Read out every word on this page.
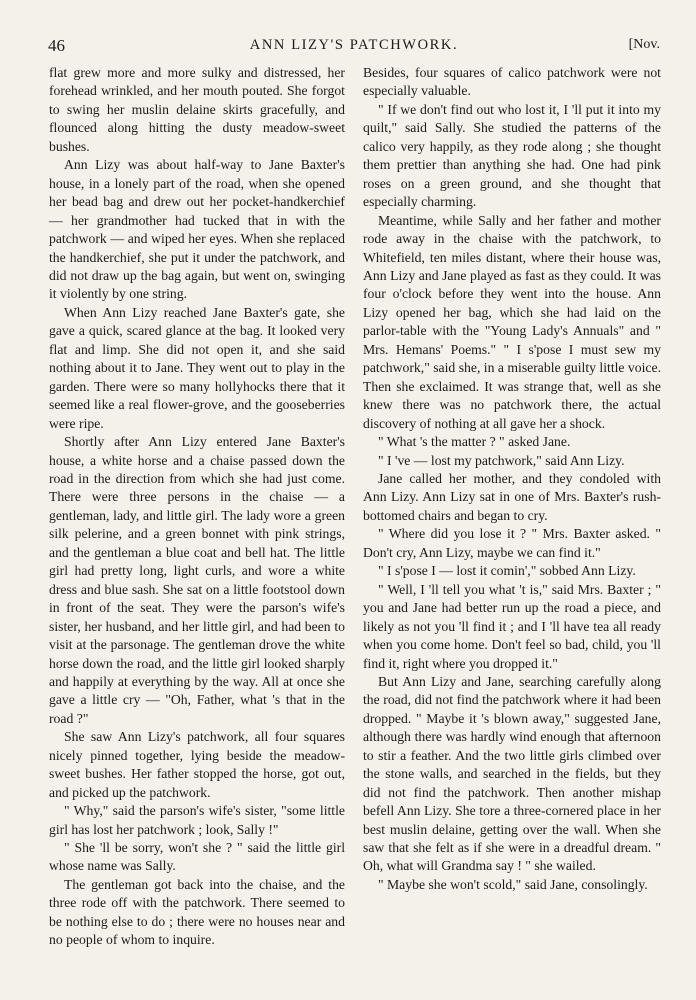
46	ANN LIZY'S PATCHWORK.	[Nov.

flat grew more and more sulky and distressed, her forehead wrinkled, and her mouth pouted. She forgot to swing her muslin delaine skirts gracefully, and flounced along hitting the dusty meadow-sweet bushes.

Ann Lizy was about half-way to Jane Baxter's house, in a lonely part of the road, when she opened her bead bag and drew out her pocket-handkerchief — her grandmother had tucked that in with the patchwork — and wiped her eyes. When she replaced the handkerchief, she put it under the patchwork, and did not draw up the bag again, but went on, swinging it violently by one string.

When Ann Lizy reached Jane Baxter's gate, she gave a quick, scared glance at the bag. It looked very flat and limp. She did not open it, and she said nothing about it to Jane. They went out to play in the garden. There were so many hollyhocks there that it seemed like a real flower-grove, and the gooseberries were ripe.

Shortly after Ann Lizy entered Jane Baxter's house, a white horse and a chaise passed down the road in the direction from which she had just come. There were three persons in the chaise — a gentleman, lady, and little girl. The lady wore a green silk pelerine, and a green bonnet with pink strings, and the gentleman a blue coat and bell hat. The little girl had pretty long, light curls, and wore a white dress and blue sash. She sat on a little footstool down in front of the seat. They were the parson's wife's sister, her husband, and her little girl, and had been to visit at the parsonage. The gentleman drove the white horse down the road, and the little girl looked sharply and happily at everything by the way. All at once she gave a little cry — "Oh, Father, what 's that in the road ?"

She saw Ann Lizy's patchwork, all four squares nicely pinned together, lying beside the meadow-sweet bushes. Her father stopped the horse, got out, and picked up the patchwork.

" Why," said the parson's wife's sister, "some little girl has lost her patchwork ; look, Sally !"

" She 'll be sorry, won't she ? " said the little girl whose name was Sally.

The gentleman got back into the chaise, and the three rode off with the patchwork. There seemed to be nothing else to do ; there were no houses near and no people of whom to inquire.

Besides, four squares of calico patchwork were not especially valuable.

" If we don't find out who lost it, I 'll put it into my quilt," said Sally. She studied the patterns of the calico very happily, as they rode along ; she thought them prettier than anything she had. One had pink roses on a green ground, and she thought that especially charming.

Meantime, while Sally and her father and mother rode away in the chaise with the patchwork, to Whitefield, ten miles distant, where their house was, Ann Lizy and Jane played as fast as they could. It was four o'clock before they went into the house. Ann Lizy opened her bag, which she had laid on the parlor-table with the "Young Lady's Annuals" and " Mrs. Hemans' Poems." " I s'pose I must sew my patchwork," said she, in a miserable guilty little voice. Then she exclaimed. It was strange that, well as she knew there was no patchwork there, the actual discovery of nothing at all gave her a shock.

" What 's the matter ? " asked Jane.

" I 've — lost my patchwork," said Ann Lizy.

Jane called her mother, and they condoled with Ann Lizy. Ann Lizy sat in one of Mrs. Baxter's rush-bottomed chairs and began to cry.

" Where did you lose it ? " Mrs. Baxter asked. " Don't cry, Ann Lizy, maybe we can find it."

" I s'pose I — lost it comin'," sobbed Ann Lizy.

" Well, I 'll tell you what 't is," said Mrs. Baxter ; " you and Jane had better run up the road a piece, and likely as not you 'll find it ; and I 'll have tea all ready when you come home. Don't feel so bad, child, you 'll find it, right where you dropped it."

But Ann Lizy and Jane, searching carefully along the road, did not find the patchwork where it had been dropped. " Maybe it 's blown away," suggested Jane, although there was hardly wind enough that afternoon to stir a feather. And the two little girls climbed over the stone walls, and searched in the fields, but they did not find the patchwork. Then another mishap befell Ann Lizy. She tore a three-cornered place in her best muslin delaine, getting over the wall. When she saw that she felt as if she were in a dreadful dream. " Oh, what will Grandma say ! " she wailed.

" Maybe she won't scold," said Jane, consolingly.
